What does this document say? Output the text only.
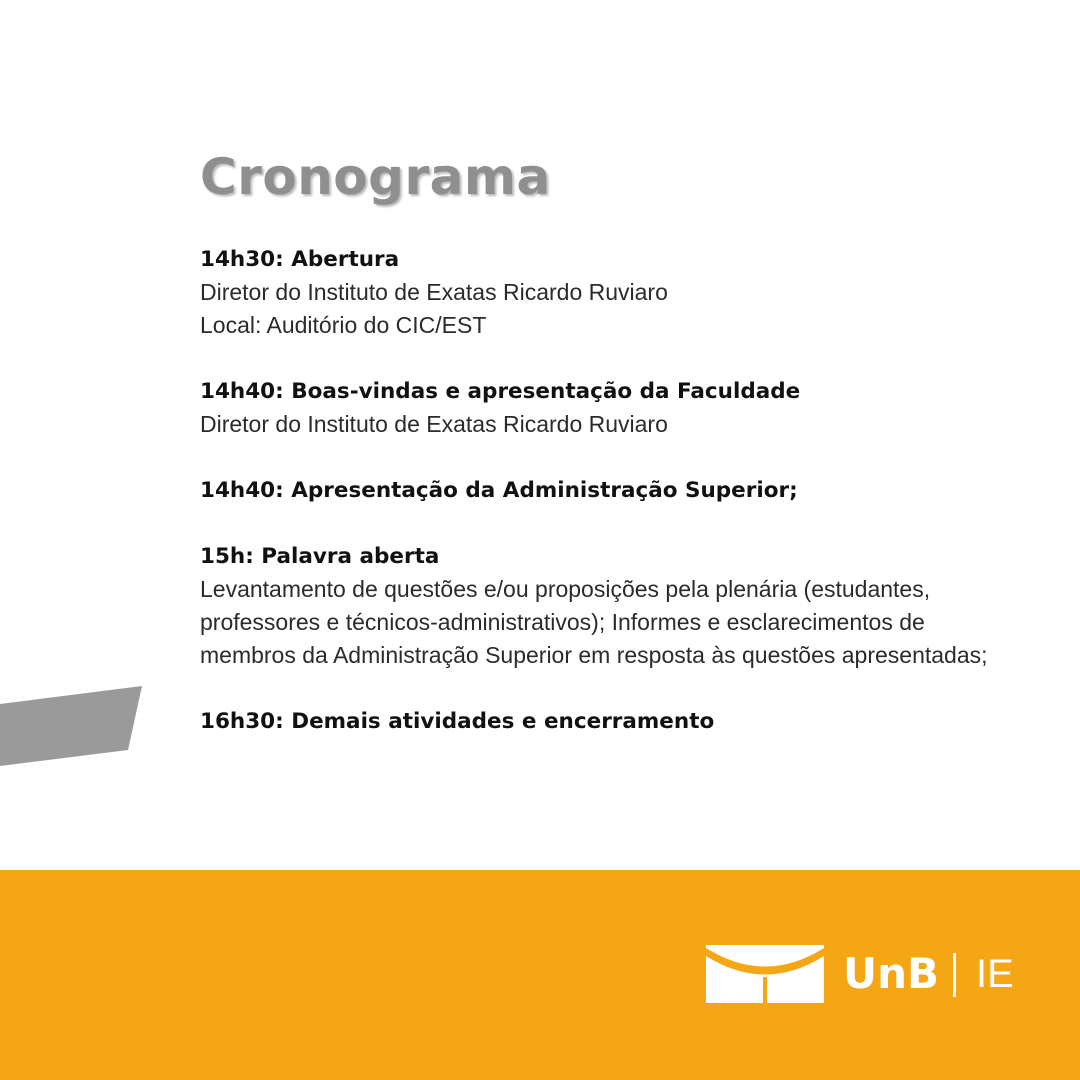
Cronograma
14h30: Abertura
Diretor do Instituto de Exatas Ricardo Ruviaro
Local: Auditório do CIC/EST
14h40: Boas-vindas e apresentação da Faculdade
Diretor do Instituto de Exatas Ricardo Ruviaro
14h40: Apresentação da Administração Superior;
15h: Palavra aberta
Levantamento de questões e/ou proposições pela plenária (estudantes, professores e técnicos-administrativos); Informes e esclarecimentos de membros da Administração Superior em resposta às questões apresentadas;
16h30: Demais atividades e encerramento
UnB IE
